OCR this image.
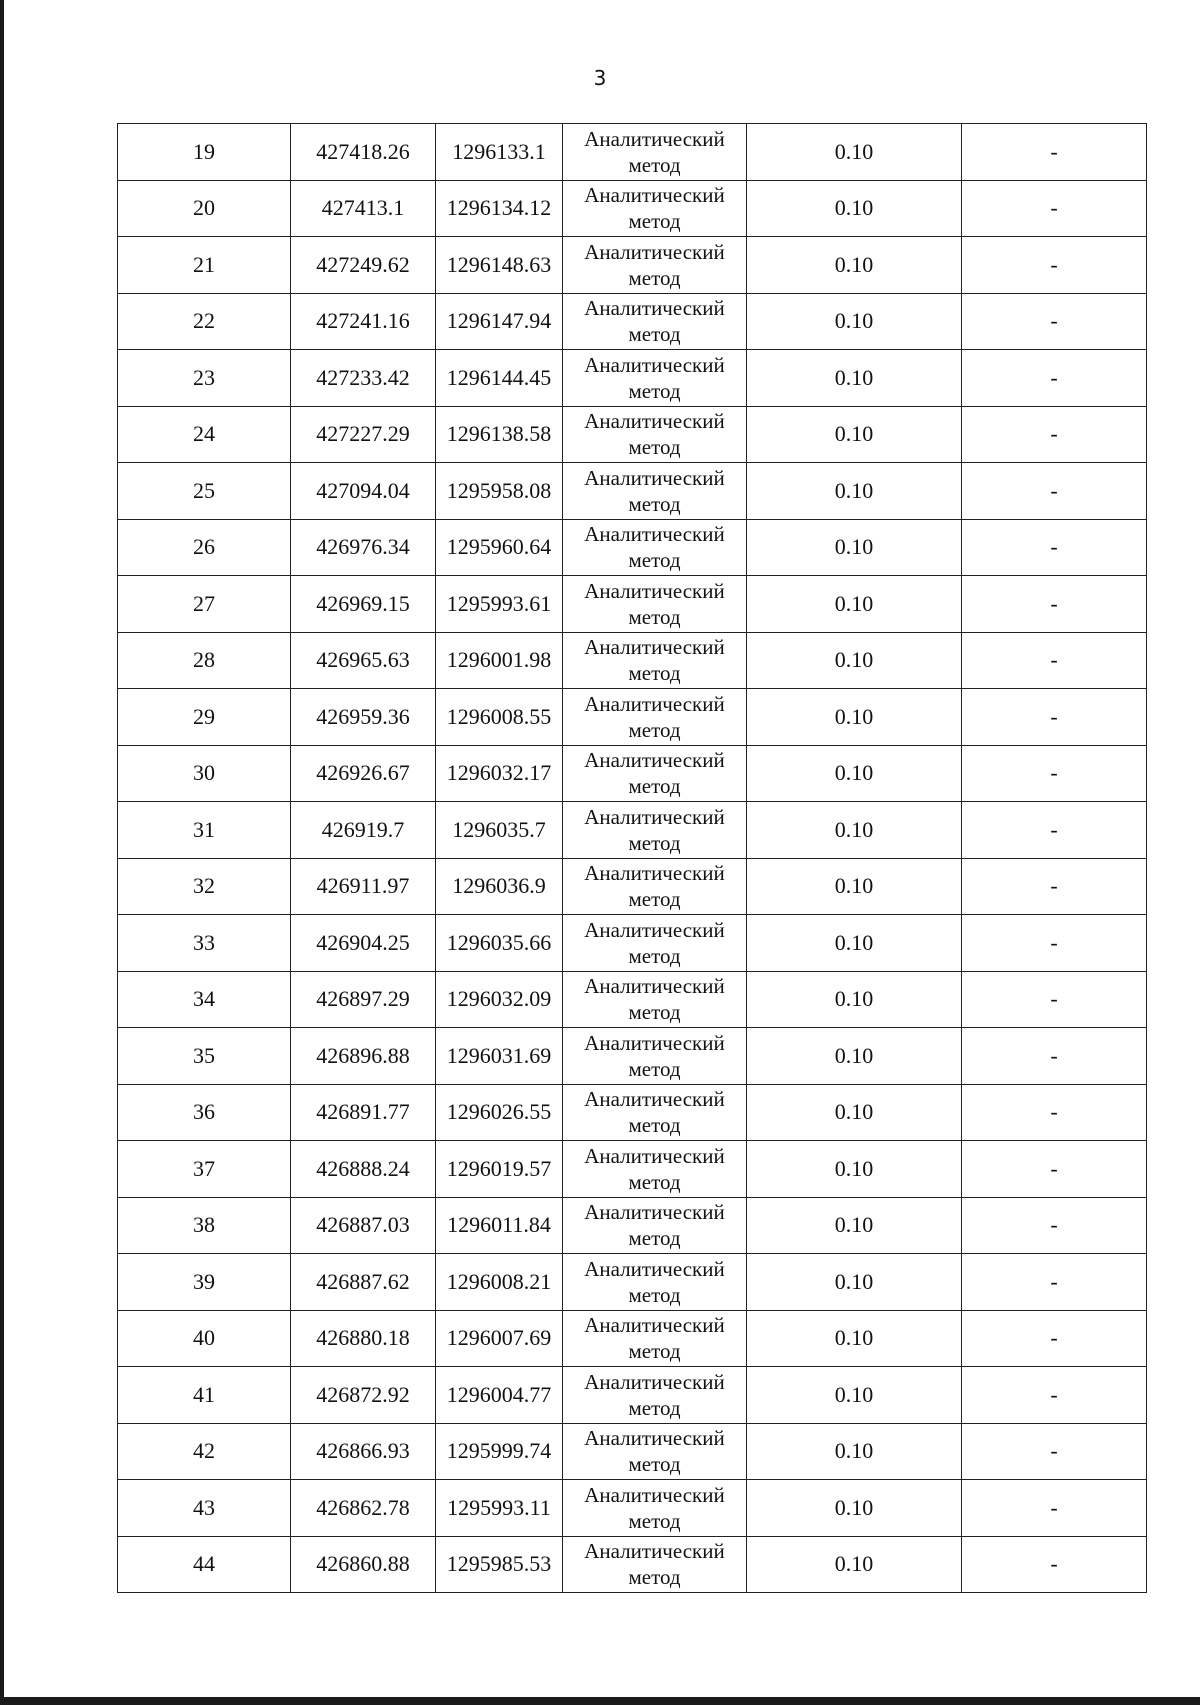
3
19	427418.26	1296133.1	Аналитический метод	0.10	-
20	427413.1	1296134.12	Аналитический метод	0.10	-
21	427249.62	1296148.63	Аналитический метод	0.10	-
22	427241.16	1296147.94	Аналитический метод	0.10	-
23	427233.42	1296144.45	Аналитический метод	0.10	-
24	427227.29	1296138.58	Аналитический метод	0.10	-
25	427094.04	1295958.08	Аналитический метод	0.10	-
26	426976.34	1295960.64	Аналитический метод	0.10	-
27	426969.15	1295993.61	Аналитический метод	0.10	-
28	426965.63	1296001.98	Аналитический метод	0.10	-
29	426959.36	1296008.55	Аналитический метод	0.10	-
30	426926.67	1296032.17	Аналитический метод	0.10	-
31	426919.7	1296035.7	Аналитический метод	0.10	-
32	426911.97	1296036.9	Аналитический метод	0.10	-
33	426904.25	1296035.66	Аналитический метод	0.10	-
34	426897.29	1296032.09	Аналитический метод	0.10	-
35	426896.88	1296031.69	Аналитический метод	0.10	-
36	426891.77	1296026.55	Аналитический метод	0.10	-
37	426888.24	1296019.57	Аналитический метод	0.10	-
38	426887.03	1296011.84	Аналитический метод	0.10	-
39	426887.62	1296008.21	Аналитический метод	0.10	-
40	426880.18	1296007.69	Аналитический метод	0.10	-
41	426872.92	1296004.77	Аналитический метод	0.10	-
42	426866.93	1295999.74	Аналитический метод	0.10	-
43	426862.78	1295993.11	Аналитический метод	0.10	-
44	426860.88	1295985.53	Аналитический метод	0.10	-
